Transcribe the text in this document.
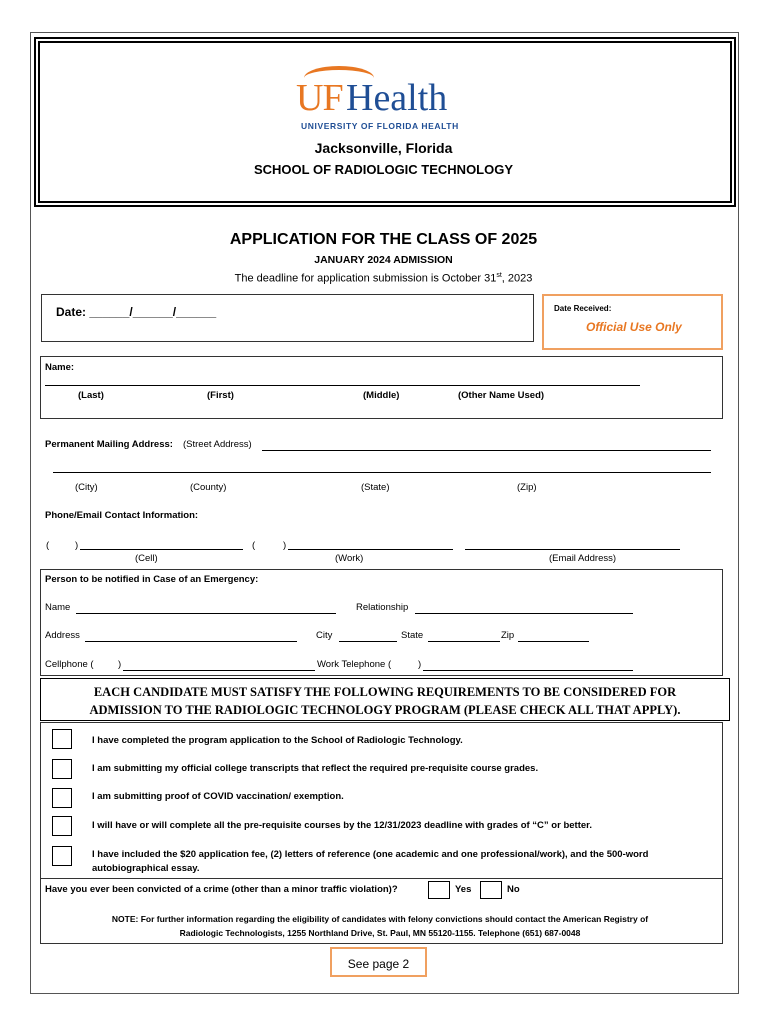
UF Health
UNIVERSITY OF FLORIDA HEALTH
Jacksonville, Florida
SCHOOL OF RADIOLOGIC TECHNOLOGY
APPLICATION FOR THE CLASS OF 2025
JANUARY 2024 ADMISSION
The deadline for application submission is October 31st, 2023
Date: ______/______/______	Date Received:
Official Use Only
Name:
(Last)	(First)	(Middle)	(Other Name Used)
Permanent Mailing Address: (Street Address)
(City)	(County)	(State)	(Zip)
Phone/Email Contact Information:
(	)	(	)
(Cell)	(Work)	(Email Address)
Person to be notified in Case of an Emergency:
Name	Relationship
Address	City	State	Zip
Cellphone (	)	Work Telephone (	)
EACH CANDIDATE MUST SATISFY THE FOLLOWING REQUIREMENTS TO BE CONSIDERED FOR
ADMISSION TO THE RADIOLOGIC TECHNOLOGY PROGRAM (PLEASE CHECK ALL THAT APPLY).
I have completed the program application to the School of Radiologic Technology.
I am submitting my official college transcripts that reflect the required pre-requisite course grades.
I am submitting proof of COVID vaccination/ exemption.
I will have or will complete all the pre-requisite courses by the 12/31/2023 deadline with grades of “C” or better.
I have included the $20 application fee, (2) letters of reference (one academic and one professional/work), and the 500-word
autobiographical essay.
Have you ever been convicted of a crime (other than a minor traffic violation)?	Yes	No
NOTE: For further information regarding the eligibility of candidates with felony convictions should contact the American Registry of
Radiologic Technologists, 1255 Northland Drive, St. Paul, MN 55120-1155. Telephone (651) 687-0048
See page 2
